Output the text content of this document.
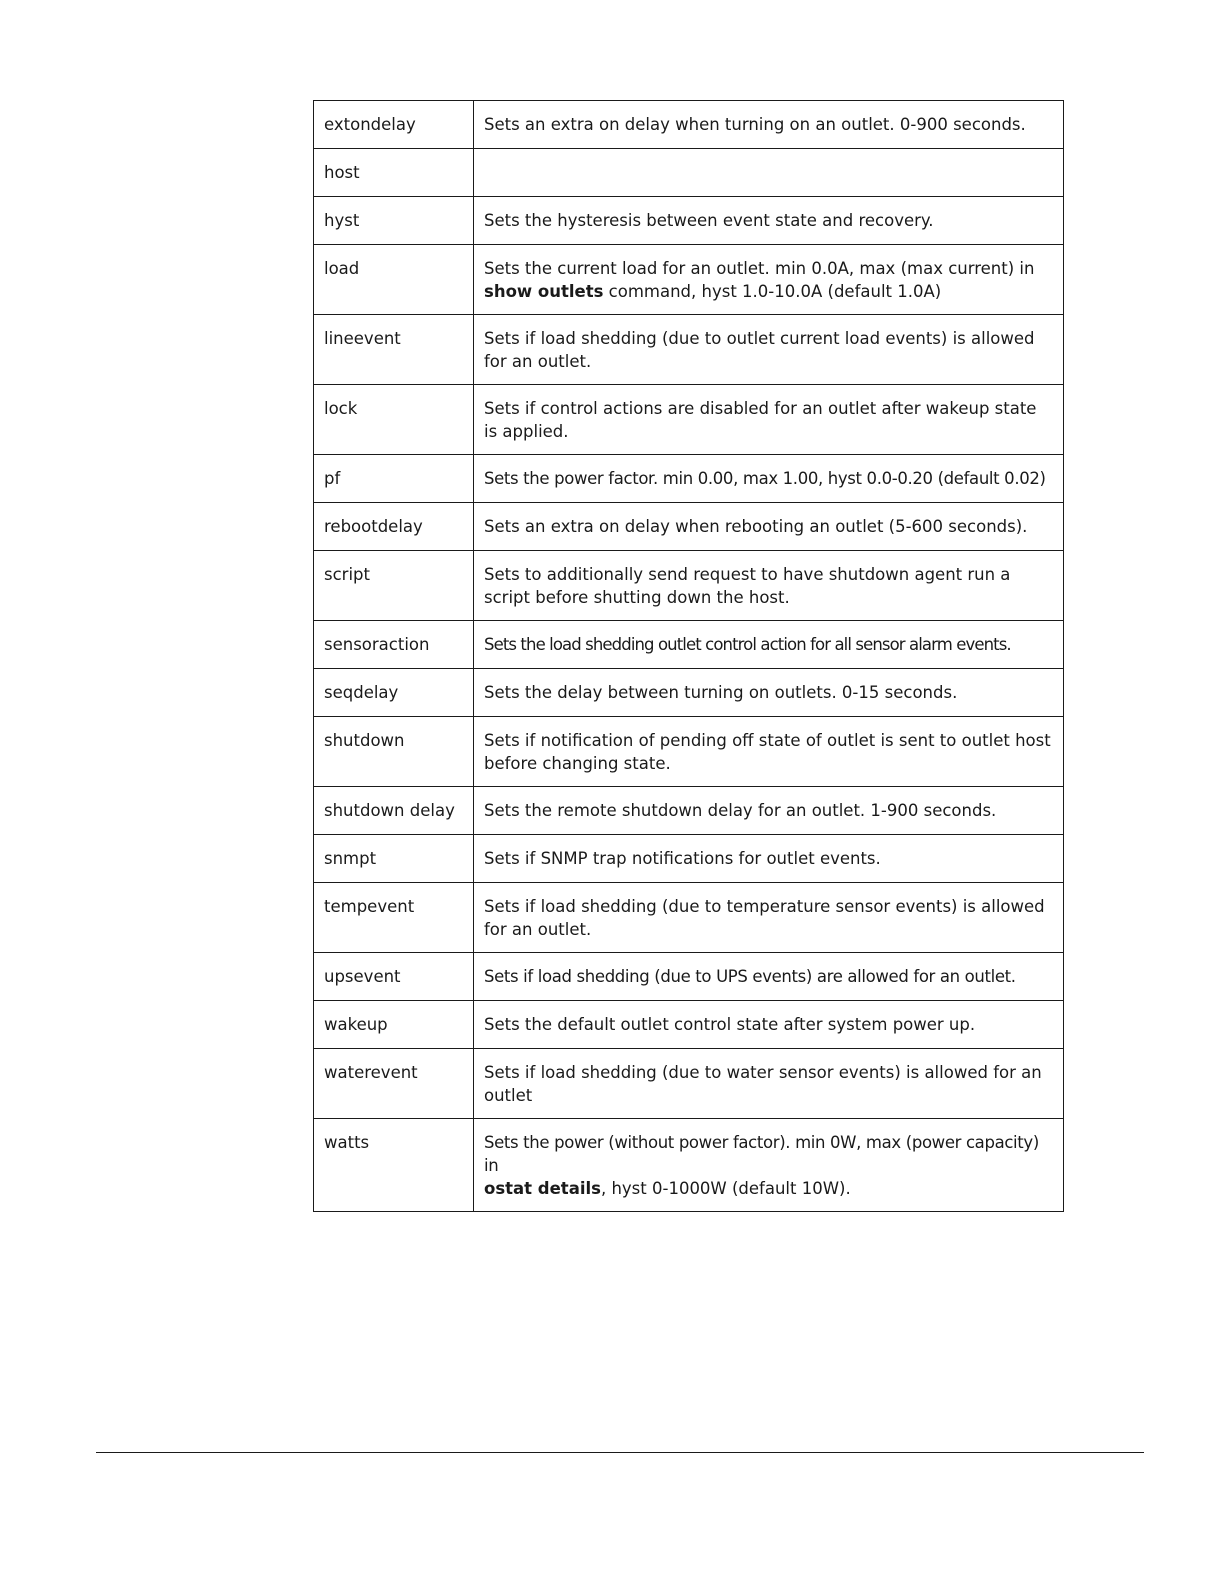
extondelay	Sets an extra on delay when turning on an outlet. 0-900 seconds.
host	
hyst	Sets the hysteresis between event state and recovery.
load	Sets the current load for an outlet. min 0.0A, max (max current) in
show outlets command, hyst 1.0-10.0A (default 1.0A)
lineevent	Sets if load shedding (due to outlet current load events) is allowed for an outlet.
lock	Sets if control actions are disabled for an outlet after wakeup state is applied.
pf	Sets the power factor. min 0.00, max 1.00, hyst 0.0-0.20 (default 0.02)
rebootdelay	Sets an extra on delay when rebooting an outlet (5-600 seconds).
script	Sets to additionally send request to have shutdown agent run a script before shutting down the host.
sensoraction	Sets the load shedding outlet control action for all sensor alarm events.
seqdelay	Sets the delay between turning on outlets. 0-15 seconds.
shutdown	Sets if notification of pending off state of outlet is sent to outlet host before changing state.
shutdown delay	Sets the remote shutdown delay for an outlet. 1-900 seconds.
snmpt	Sets if SNMP trap notifications for outlet events.
tempevent	Sets if load shedding (due to temperature sensor events) is allowed for an outlet.
upsevent	Sets if load shedding (due to UPS events) are allowed for an outlet.
wakeup	Sets the default outlet control state after system power up.
waterevent	Sets if load shedding (due to water sensor events) is allowed for an outlet
watts	Sets the power (without power factor). min 0W, max (power capacity) in
ostat details, hyst 0-1000W (default 10W).
